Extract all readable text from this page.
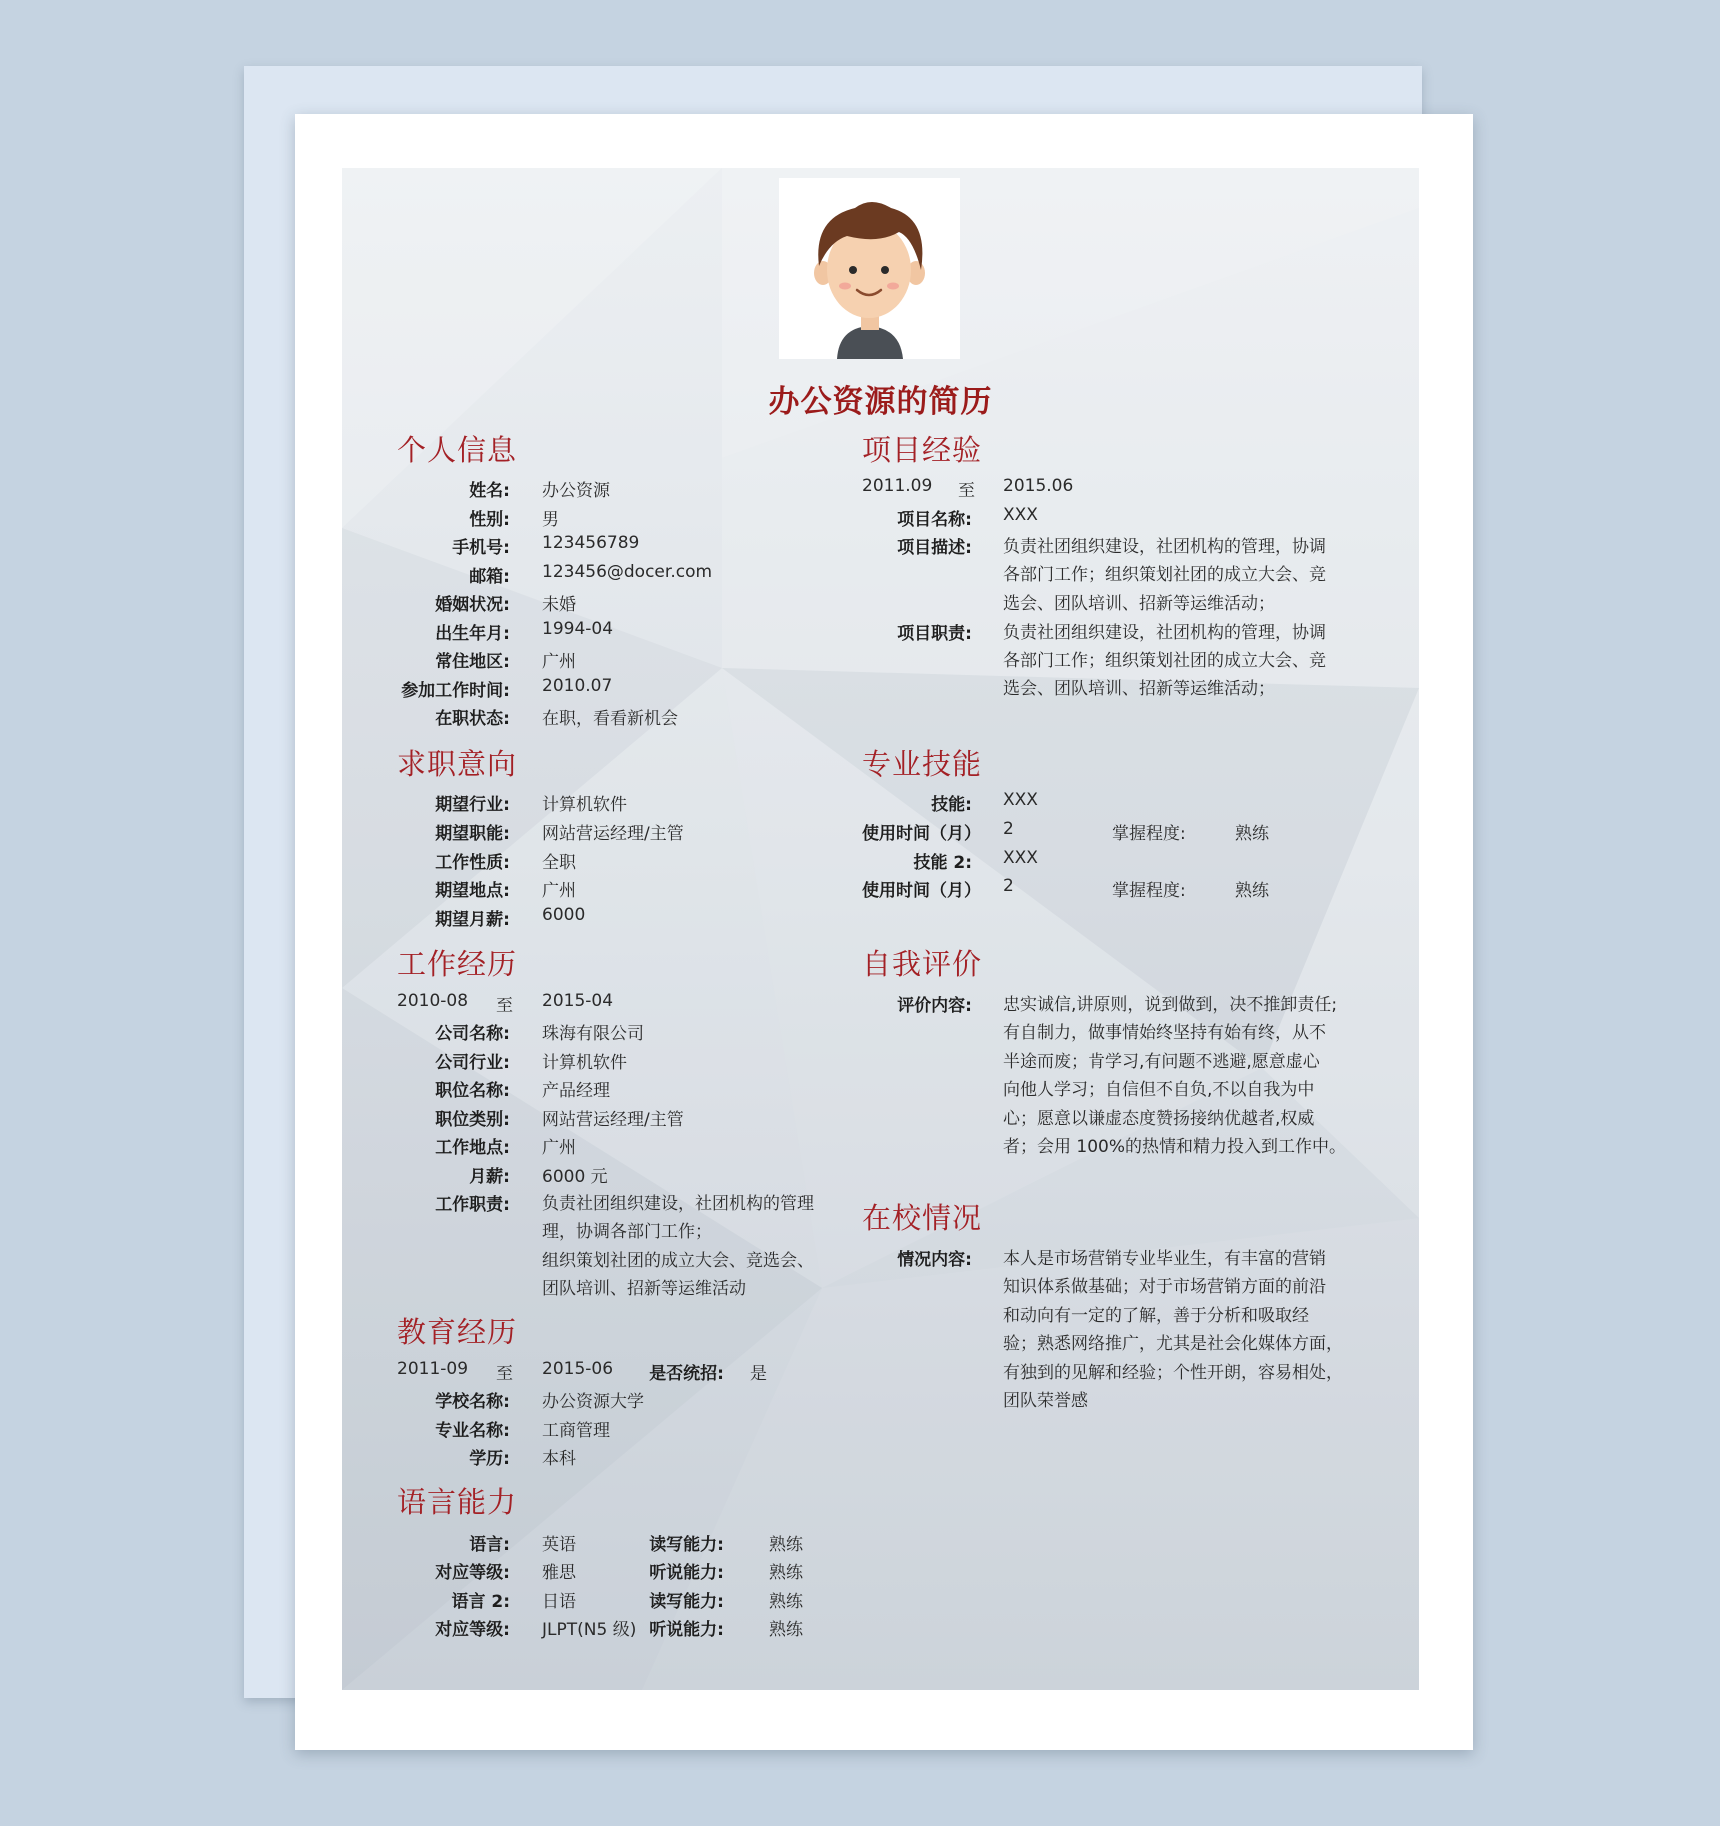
办公资源的简历
个人信息
姓名: 办公资源
性别: 男
手机号: 123456789
邮箱: 123456@docer.com
婚姻状况: 未婚
出生年月: 1994-04
常住地区: 广州
参加工作时间: 2010.07
在职状态: 在职，看看新机会
求职意向
期望行业: 计算机软件
期望职能: 网站营运经理/主管
工作性质: 全职
期望地点: 广州
期望月薪: 6000
工作经历
2010-08 至 2015-04
公司名称: 珠海有限公司
公司行业: 计算机软件
职位名称: 产品经理
职位类别: 网站营运经理/主管
工作地点: 广州
月薪: 6000 元
工作职责: 负责社团组织建设，社团机构的管理
理，协调各部门工作；
组织策划社团的成立大会、竞选会、
团队培训、招新等运维活动
教育经历
2011-09 至 2015-06	是否统招: 是
学校名称: 办公资源大学
专业名称: 工商管理
学历: 本科
语言能力
语言: 英语	读写能力:	熟练
对应等级: 雅思	听说能力:	熟练
语言 2: 日语	读写能力:	熟练
对应等级: JLPT(N5 级) 听说能力:	熟练
项目经验
2011.09 至 2015.06
项目名称: XXX
项目描述: 负责社团组织建设，社团机构的管理，协调
各部门工作；组织策划社团的成立大会、竞
选会、团队培训、招新等运维活动；
项目职责: 负责社团组织建设，社团机构的管理，协调
各部门工作；组织策划社团的成立大会、竞
选会、团队培训、招新等运维活动；
专业技能
技能: XXX
使用时间（月）	2	掌握程度:	熟练
技能 2: XXX
使用时间（月）	2	掌握程度:	熟练
自我评价
评价内容: 忠实诚信,讲原则，说到做到，决不推卸责任;
有自制力，做事情始终坚持有始有终，从不
半途而废；肯学习,有问题不逃避,愿意虚心
向他人学习；自信但不自负,不以自我为中
心；愿意以谦虚态度赞扬接纳优越者,权威
者；会用 100%的热情和精力投入到工作中。
在校情况
情况内容: 本人是市场营销专业毕业生，有丰富的营销
知识体系做基础；对于市场营销方面的前沿
和动向有一定的了解，善于分析和吸取经
验；熟悉网络推广，尤其是社会化媒体方面，
有独到的见解和经验；个性开朗，容易相处，
团队荣誉感
